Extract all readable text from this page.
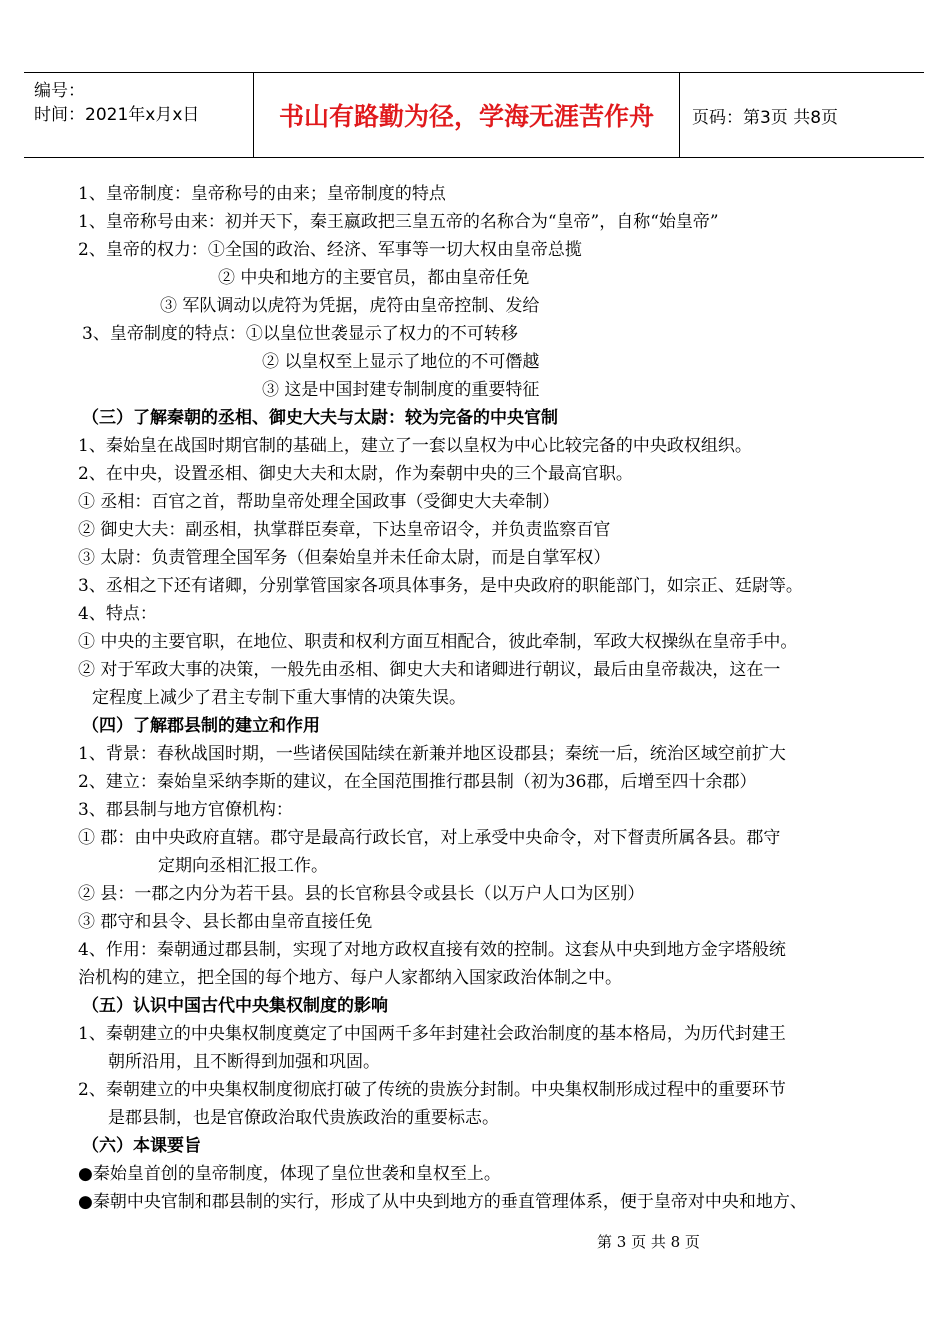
编号：
时间：2021年x月x日	书山有路勤为径，学海无涯苦作舟	页码：第3页 共8页
1、皇帝制度：皇帝称号的由来；皇帝制度的特点
1、皇帝称号由来：初并天下，秦王嬴政把三皇五帝的名称合为“皇帝”，自称“始皇帝”
2、皇帝的权力：①全国的政治、经济、军事等一切大权由皇帝总揽
② 中央和地方的主要官员，都由皇帝任免
③ 军队调动以虎符为凭据，虎符由皇帝控制、发给
3、皇帝制度的特点：①以皇位世袭显示了权力的不可转移
② 以皇权至上显示了地位的不可僭越
③ 这是中国封建专制制度的重要特征
（三）了解秦朝的丞相、御史大夫与太尉：较为完备的中央官制
1、秦始皇在战国时期官制的基础上，建立了一套以皇权为中心比较完备的中央政权组织。
2、在中央，设置丞相、御史大夫和太尉，作为秦朝中央的三个最高官职。
① 丞相：百官之首，帮助皇帝处理全国政事（受御史大夫牵制）
② 御史大夫：副丞相，执掌群臣奏章，下达皇帝诏令，并负责监察百官
③ 太尉：负责管理全国军务（但秦始皇并未任命太尉，而是自掌军权）
3、丞相之下还有诸卿，分别掌管国家各项具体事务，是中央政府的职能部门，如宗正、廷尉等。
4、特点：
① 中央的主要官职，在地位、职责和权利方面互相配合，彼此牵制，军政大权操纵在皇帝手中。
② 对于军政大事的决策，一般先由丞相、御史大夫和诸卿进行朝议，最后由皇帝裁决，这在一
定程度上减少了君主专制下重大事情的决策失误。
（四）了解郡县制的建立和作用
1、背景：春秋战国时期，一些诸侯国陆续在新兼并地区设郡县；秦统一后，统治区域空前扩大
2、建立：秦始皇采纳李斯的建议，在全国范围推行郡县制（初为36郡，后增至四十余郡）
3、郡县制与地方官僚机构：
① 郡：由中央政府直辖。郡守是最高行政长官，对上承受中央命令，对下督责所属各县。郡守
定期向丞相汇报工作。
② 县：一郡之内分为若干县。县的长官称县令或县长（以万户人口为区别）
③ 郡守和县令、县长都由皇帝直接任免
4、作用：秦朝通过郡县制，实现了对地方政权直接有效的控制。这套从中央到地方金字塔般统
治机构的建立，把全国的每个地方、每户人家都纳入国家政治体制之中。
（五）认识中国古代中央集权制度的影响
1、秦朝建立的中央集权制度奠定了中国两千多年封建社会政治制度的基本格局，为历代封建王
朝所沿用，且不断得到加强和巩固。
2、秦朝建立的中央集权制度彻底打破了传统的贵族分封制。中央集权制形成过程中的重要环节
是郡县制，也是官僚政治取代贵族政治的重要标志。
（六）本课要旨
●秦始皇首创的皇帝制度，体现了皇位世袭和皇权至上。
●秦朝中央官制和郡县制的实行，形成了从中央到地方的垂直管理体系，便于皇帝对中央和地方、
第 3 页 共 8 页
